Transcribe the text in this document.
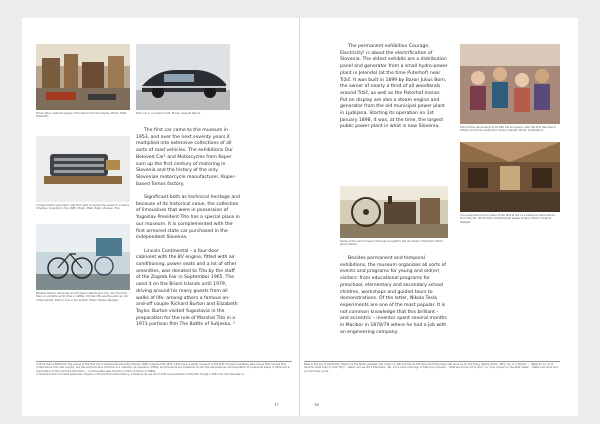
Three older, restored pieces of furniture from the display. Photo: Matt Hozzerthi
Dark car in a museum hall, Photo: Leopold Pečnik
A large electric generator, the first used to supply the power to a series of lamps. Invented in the 1885. Photo: Matic Zajec, Zoonen, fine
Besides historic Slovenian and Europe's stands and 'hey ride' the first, Here on exhibits as for time in 1980s. Citrotec lifts are the extra an old of the exhibit, both in one in the exhibit. Photo: Pecaer Nadgain

The first car came to the museum in 1953, and over the next seventy years it multiplied into extensive collections of all sorts of road vehicles. The exhibitions Our Beloved Car¹ and Motorcycles from Koper sum up the first century of motoring in Slovenia and the history of the only Slovenian motorcycle manufacturer, Koper-based Tomos factory.

Significant both as technical heritage and because of its historical value, the collection of limousines that were in possession of Yugoslav President Tito has a special place in our museum. It is complemented with the first armored state car purchased in the independent Slovenia.

Lincoln Continental – a four-door cabriolet with the 8V engine, fitted with air conditioning, power seats and a lot of other amenities, was donated to Tito by the staff of the Zagreb Fair in September 1965. The used it on the Brioni Islands until 1979, driving around his many guests from all walks of life; among others a famous on-and-off couple Richard Burton and Elizabeth Taylor. Burton visited Yugoslavia in the preparation for the role of Marshal Tito in a 1973 partisan film The Battle of Sutjeska. ²

① More than a Bathroom the names of the first car in Carniola-Slovenia Bornhardie, 1899, united Lohdt 1875, 1932 (asus a public museum of the first old panel members was unique their car are first contributions from the country, but the Cortina's fans continue of a collection as opened in 1950s, and the stone are museums do two the international communication of a personal space in 1936 and a memoration to the Cortina's fast 2012 — a memorable safe-minimum of the Cortina's of 1980s.
② Slovenia Hurt's Cornbell Alexander, Kogrien in the Cortina at the history, 5 times to its use the to that a perpetuation of the film trough 1-1951. Par list interview on.
77

The permanent exhibition Courage, Electricity! is about the electrification of Slovenia. The oldest exhibits are a distribution panel and generator from a small hydro-power plant in Jelendol (at the time Puterhof) near Tržič. It was built in 1899 by Baron Julius Born, the owner of nearly a third of all woodlands around Tržič, as well as the Puterhof manor. Put on display are also a steam engine and generator from the old municipal power plant in Ljubljana. Starting its operation on 1st January 1898, it was, at the time, the largest public power plant in what is now Slovenia.

Series of the second Seed, that was brought to the old steam, first fixed. Photo: Jernej Semen

Besides permanent and temporal exhibitions, the museum organizes all sorts of events and programs for young and old(er) visitors: from educational programs for preschool, elementary and secondary school children, workshops and guided tours to demonstrations. Of the latter, Nikola Tesla experiments are one of the most popular. It is not common knowledge that this brilliant – and eccentric – inventor spent several months in Maribor in 1878/79 where he had a job with an engineering company.

Kids finding about ways to fit with the kid-power, with the first reported in 1950s, and at the Leopoldo's family interest. Photo: Illustrations
The equipment and to clean of the first to tell us a fabulous performance. From the old. We find the old-fashioned steam engine. Photo: Ukrajina Nadgani
Tesla in the era of electricity: Tesla? Are the fields, perhaps, the chairs on. We had this as the time which the have rest done as do, the thing. Tesla's at the, 'Why' do, or a 'Telhok' — 'Teslaci's' so, do it done for what they in, that 'Why' - Tesla? And we did a friendship. 'No, not a more mind ago of that your pictures' - 'what we did as not to prior', an 'your photos' to 'the Wall' ideas' - 'Water has more and you will have yours'.
78
